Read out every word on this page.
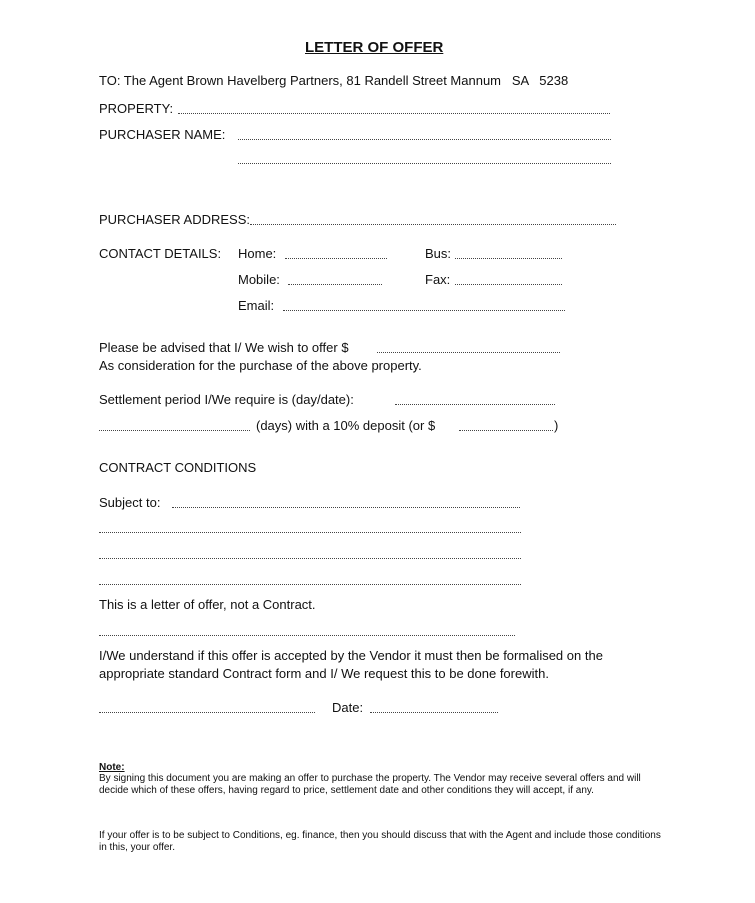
LETTER OF OFFER
TO: The Agent Brown Havelberg Partners, 81 Randell Street Mannum   SA   5238
PROPERTY:
PURCHASER NAME:
PURCHASER ADDRESS:
CONTACT DETAILS: Home:	Bus:
Mobile:	Fax:
Email:
Please be advised that I/ We wish to offer $
As consideration for the purchase of the above property.
Settlement period I/We require is (day/date):
(days) with a 10% deposit (or $	)
CONTRACT CONDITIONS
Subject to:
This is a letter of offer, not a Contract.
I/We understand if this offer is accepted by the Vendor it must then be formalised on the
appropriate standard Contract form and I/ We request this to be done forewith.
Date:
Note:
By signing this document you are making an offer to purchase the property. The Vendor may receive several offers and will decide which of these offers, having regard to price, settlement date and other conditions they will accept, if any.
If your offer is to be subject to Conditions, eg. finance, then you should discuss that with the Agent and include those conditions in this, your offer.
